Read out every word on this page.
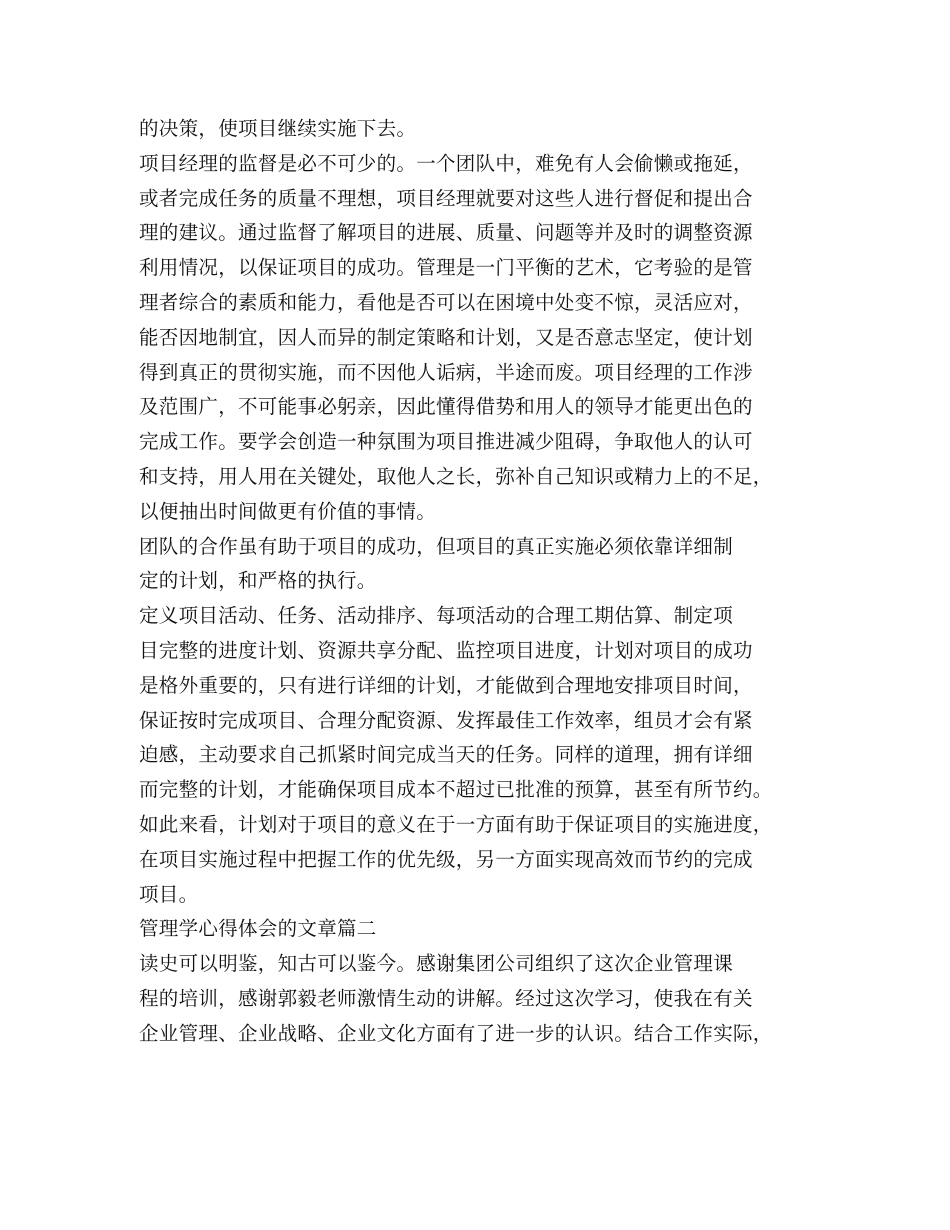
的决策，使项目继续实施下去。
项目经理的监督是必不可少的。一个团队中，难免有人会偷懒或拖延，
或者完成任务的质量不理想，项目经理就要对这些人进行督促和提出合
理的建议。通过监督了解项目的进展、质量、问题等并及时的调整资源
利用情况，以保证项目的成功。管理是一门平衡的艺术，它考验的是管
理者综合的素质和能力，看他是否可以在困境中处变不惊，灵活应对，
能否因地制宜，因人而异的制定策略和计划，又是否意志坚定，使计划
得到真正的贯彻实施，而不因他人诟病，半途而废。项目经理的工作涉
及范围广，不可能事必躬亲，因此懂得借势和用人的领导才能更出色的
完成工作。要学会创造一种氛围为项目推进减少阻碍，争取他人的认可
和支持，用人用在关键处，取他人之长，弥补自己知识或精力上的不足，
以便抽出时间做更有价值的事情。
团队的合作虽有助于项目的成功，但项目的真正实施必须依靠详细制
定的计划，和严格的执行。
定义项目活动、任务、活动排序、每项活动的合理工期估算、制定项
目完整的进度计划、资源共享分配、监控项目进度，计划对项目的成功
是格外重要的，只有进行详细的计划，才能做到合理地安排项目时间，
保证按时完成项目、合理分配资源、发挥最佳工作效率，组员才会有紧
迫感，主动要求自己抓紧时间完成当天的任务。同样的道理，拥有详细
而完整的计划，才能确保项目成本不超过已批准的预算，甚至有所节约。
如此来看，计划对于项目的意义在于一方面有助于保证项目的实施进度，
在项目实施过程中把握工作的优先级，另一方面实现高效而节约的完成
项目。
管理学心得体会的文章篇二
读史可以明鉴，知古可以鉴今。感谢集团公司组织了这次企业管理课
程的培训，感谢郭毅老师激情生动的讲解。经过这次学习，使我在有关
企业管理、企业战略、企业文化方面有了进一步的认识。结合工作实际，
